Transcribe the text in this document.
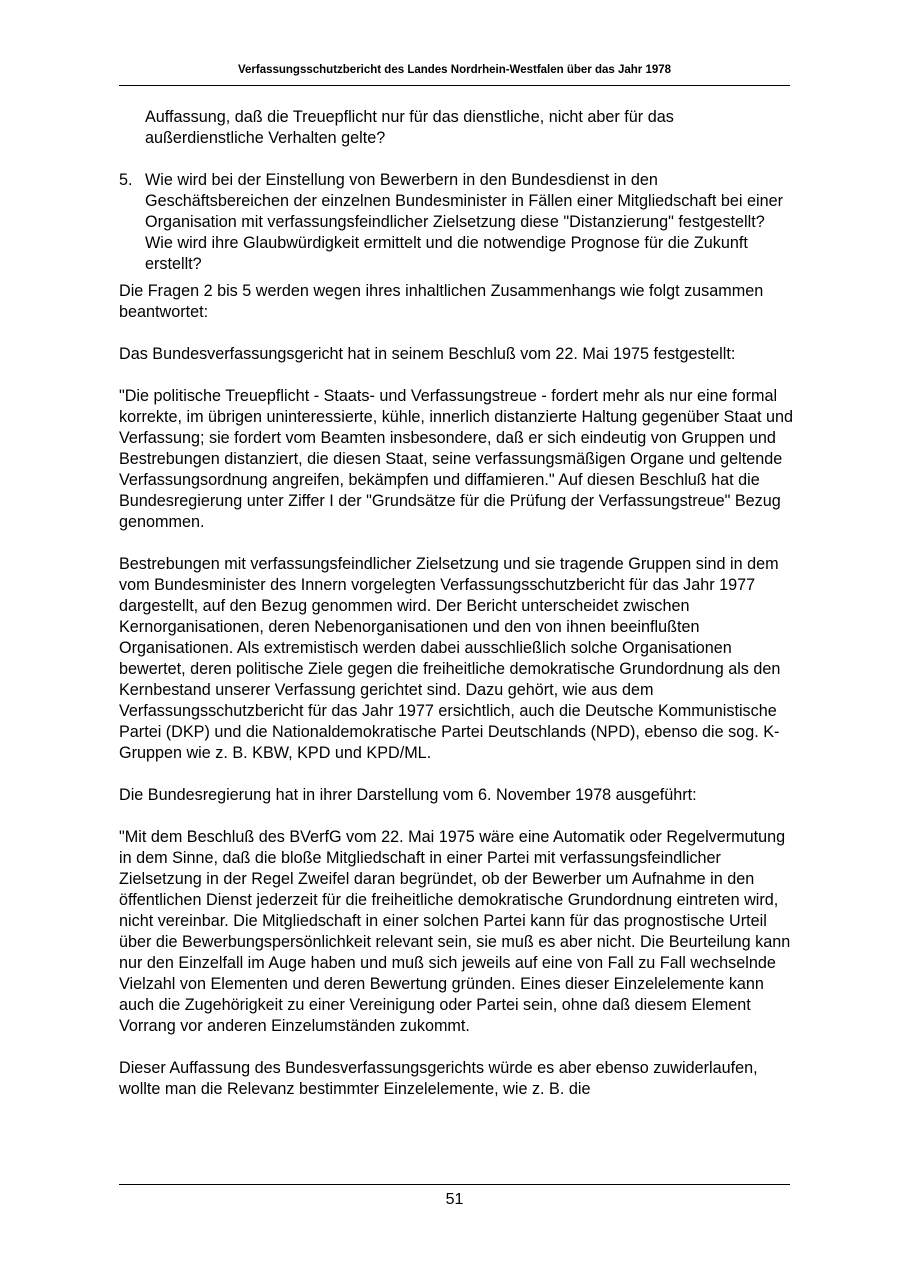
Verfassungsschutzbericht des Landes Nordrhein-Westfalen über das Jahr 1978

Auffassung, daß die Treuepflicht nur für das dienstliche, nicht aber für das außerdienstliche Verhalten gelte?

5. Wie wird bei der Einstellung von Bewerbern in den Bundesdienst in den Geschäftsbereichen der einzelnen Bundesminister in Fällen einer Mitgliedschaft bei einer Organisation mit verfassungsfeindlicher Zielsetzung diese "Distanzierung" festgestellt? Wie wird ihre Glaubwürdigkeit ermittelt und die notwendige Prognose für die Zukunft erstellt?

Die Fragen 2 bis 5 werden wegen ihres inhaltlichen Zusammenhangs wie folgt zusammen beantwortet:

Das Bundesverfassungsgericht hat in seinem Beschluß vom 22. Mai 1975 festgestellt:

"Die politische Treuepflicht - Staats- und Verfassungstreue - fordert mehr als nur eine formal korrekte, im übrigen uninteressierte, kühle, innerlich distanzierte Haltung gegenüber Staat und Verfassung; sie fordert vom Beamten insbesondere, daß er sich eindeutig von Gruppen und Bestrebungen distanziert, die diesen Staat, seine verfassungsmäßigen Organe und geltende Verfassungsordnung angreifen, bekämpfen und diffamieren." Auf diesen Beschluß hat die Bundesregierung unter Ziffer I der "Grundsätze für die Prüfung der Verfassungstreue" Bezug genommen.

Bestrebungen mit verfassungsfeindlicher Zielsetzung und sie tragende Gruppen sind in dem vom Bundesminister des Innern vorgelegten Verfassungsschutzbericht für das Jahr 1977 dargestellt, auf den Bezug genommen wird. Der Bericht unterscheidet zwischen Kernorganisationen, deren Nebenorganisationen und den von ihnen beeinflußten Organisationen. Als extremistisch werden dabei ausschließlich solche Organisationen bewertet, deren politische Ziele gegen die freiheitliche demokratische Grundordnung als den Kernbestand unserer Verfassung gerichtet sind. Dazu gehört, wie aus dem Verfassungsschutzbericht für das Jahr 1977 ersichtlich, auch die Deutsche Kommunistische Partei (DKP) und die Nationaldemokratische Partei Deutschlands (NPD), ebenso die sog. K-Gruppen wie z. B. KBW, KPD und KPD/ML.

Die Bundesregierung hat in ihrer Darstellung vom 6. November 1978 ausgeführt:

"Mit dem Beschluß des BVerfG vom 22. Mai 1975 wäre eine Automatik oder Regelvermutung in dem Sinne, daß die bloße Mitgliedschaft in einer Partei mit verfassungsfeindlicher Zielsetzung in der Regel Zweifel daran begründet, ob der Bewerber um Aufnahme in den öffentlichen Dienst jederzeit für die freiheitliche demokratische Grundordnung eintreten wird, nicht vereinbar. Die Mitgliedschaft in einer solchen Partei kann für das prognostische Urteil über die Bewerbungspersönlichkeit relevant sein, sie muß es aber nicht. Die Beurteilung kann nur den Einzelfall im Auge haben und muß sich jeweils auf eine von Fall zu Fall wechselnde Vielzahl von Elementen und deren Bewertung gründen. Eines dieser Einzelelemente kann auch die Zugehörigkeit zu einer Vereinigung oder Partei sein, ohne daß diesem Element Vorrang vor anderen Einzelumständen zukommt.

Dieser Auffassung des Bundesverfassungsgerichts würde es aber ebenso zuwiderlaufen, wollte man die Relevanz bestimmter Einzelelemente, wie z. B. die

51
